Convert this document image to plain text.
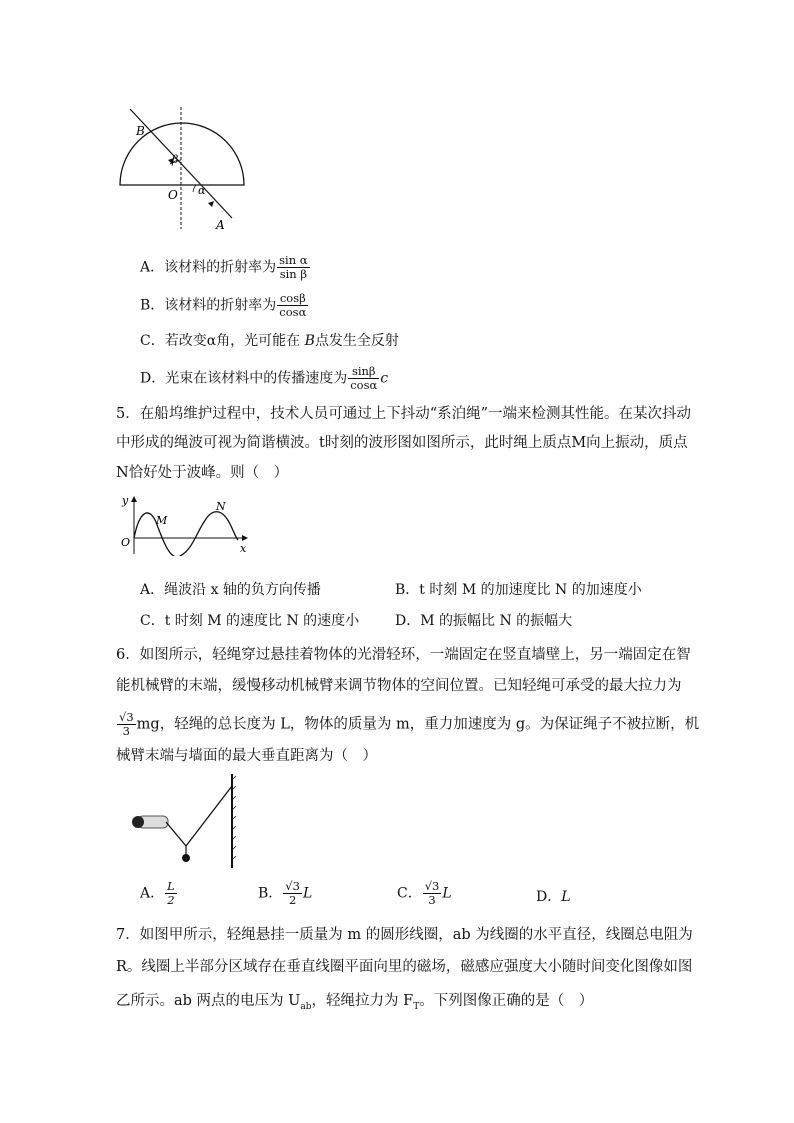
B
β
O α
A
A．该材料的折射率为 $\frac{\text{sin α}}{\text{sin β}}$
B．该材料的折射率为 $\frac{\cos\beta}{\cos\alpha}$
C．若改变α角，光可能在 B点发生全反射
D．光束在该材料中的传播速度为 $\frac{\sin\beta}{\cos\alpha}$ c
5．在船坞维护过程中，技术人员可通过上下抖动“系泊绳”一端来检测其性能。在某次抖动
中形成的绳波可视为简谐横波。t时刻的波形图如图所示，此时绳上质点M向上振动，质点
N恰好处于波峰。则（　）
y
O	x
M
N
A．绳波沿 x 轴的负方向传播	B．t 时刻 M 的加速度比 N 的加速度小
C．t 时刻 M 的速度比 N 的速度小	D．M 的振幅比 N 的振幅大
6．如图所示，轻绳穿过悬挂着物体的光滑轻环，一端固定在竖直墙壁上，另一端固定在智
能机械臂的末端，缓慢移动机械臂来调节物体的空间位置。已知轻绳可承受的最大拉力为
$\frac{√3}{3}$ mg，轻绳的总长度为 L，物体的质量为 m，重力加速度为 g。为保证绳子不被拉断，机
械臂末端与墙面的最大垂直距离为（　）
A． $\frac{L}{2}$	B． $\frac{√3}{2}$ L	C． $\frac{√3}{3}$ L	D．L
7．如图甲所示，轻绳悬挂一质量为 m 的圆形线圈，ab 为线圈的水平直径，线圈总电阻为
R。线圈上半部分区域存在垂直线圈平面向里的磁场，磁感应强度大小随时间变化图像如图
乙所示。ab 两点的电压为 $U_{ab}$，轻绳拉力为 $F_T$。下列图像正确的是（　）
